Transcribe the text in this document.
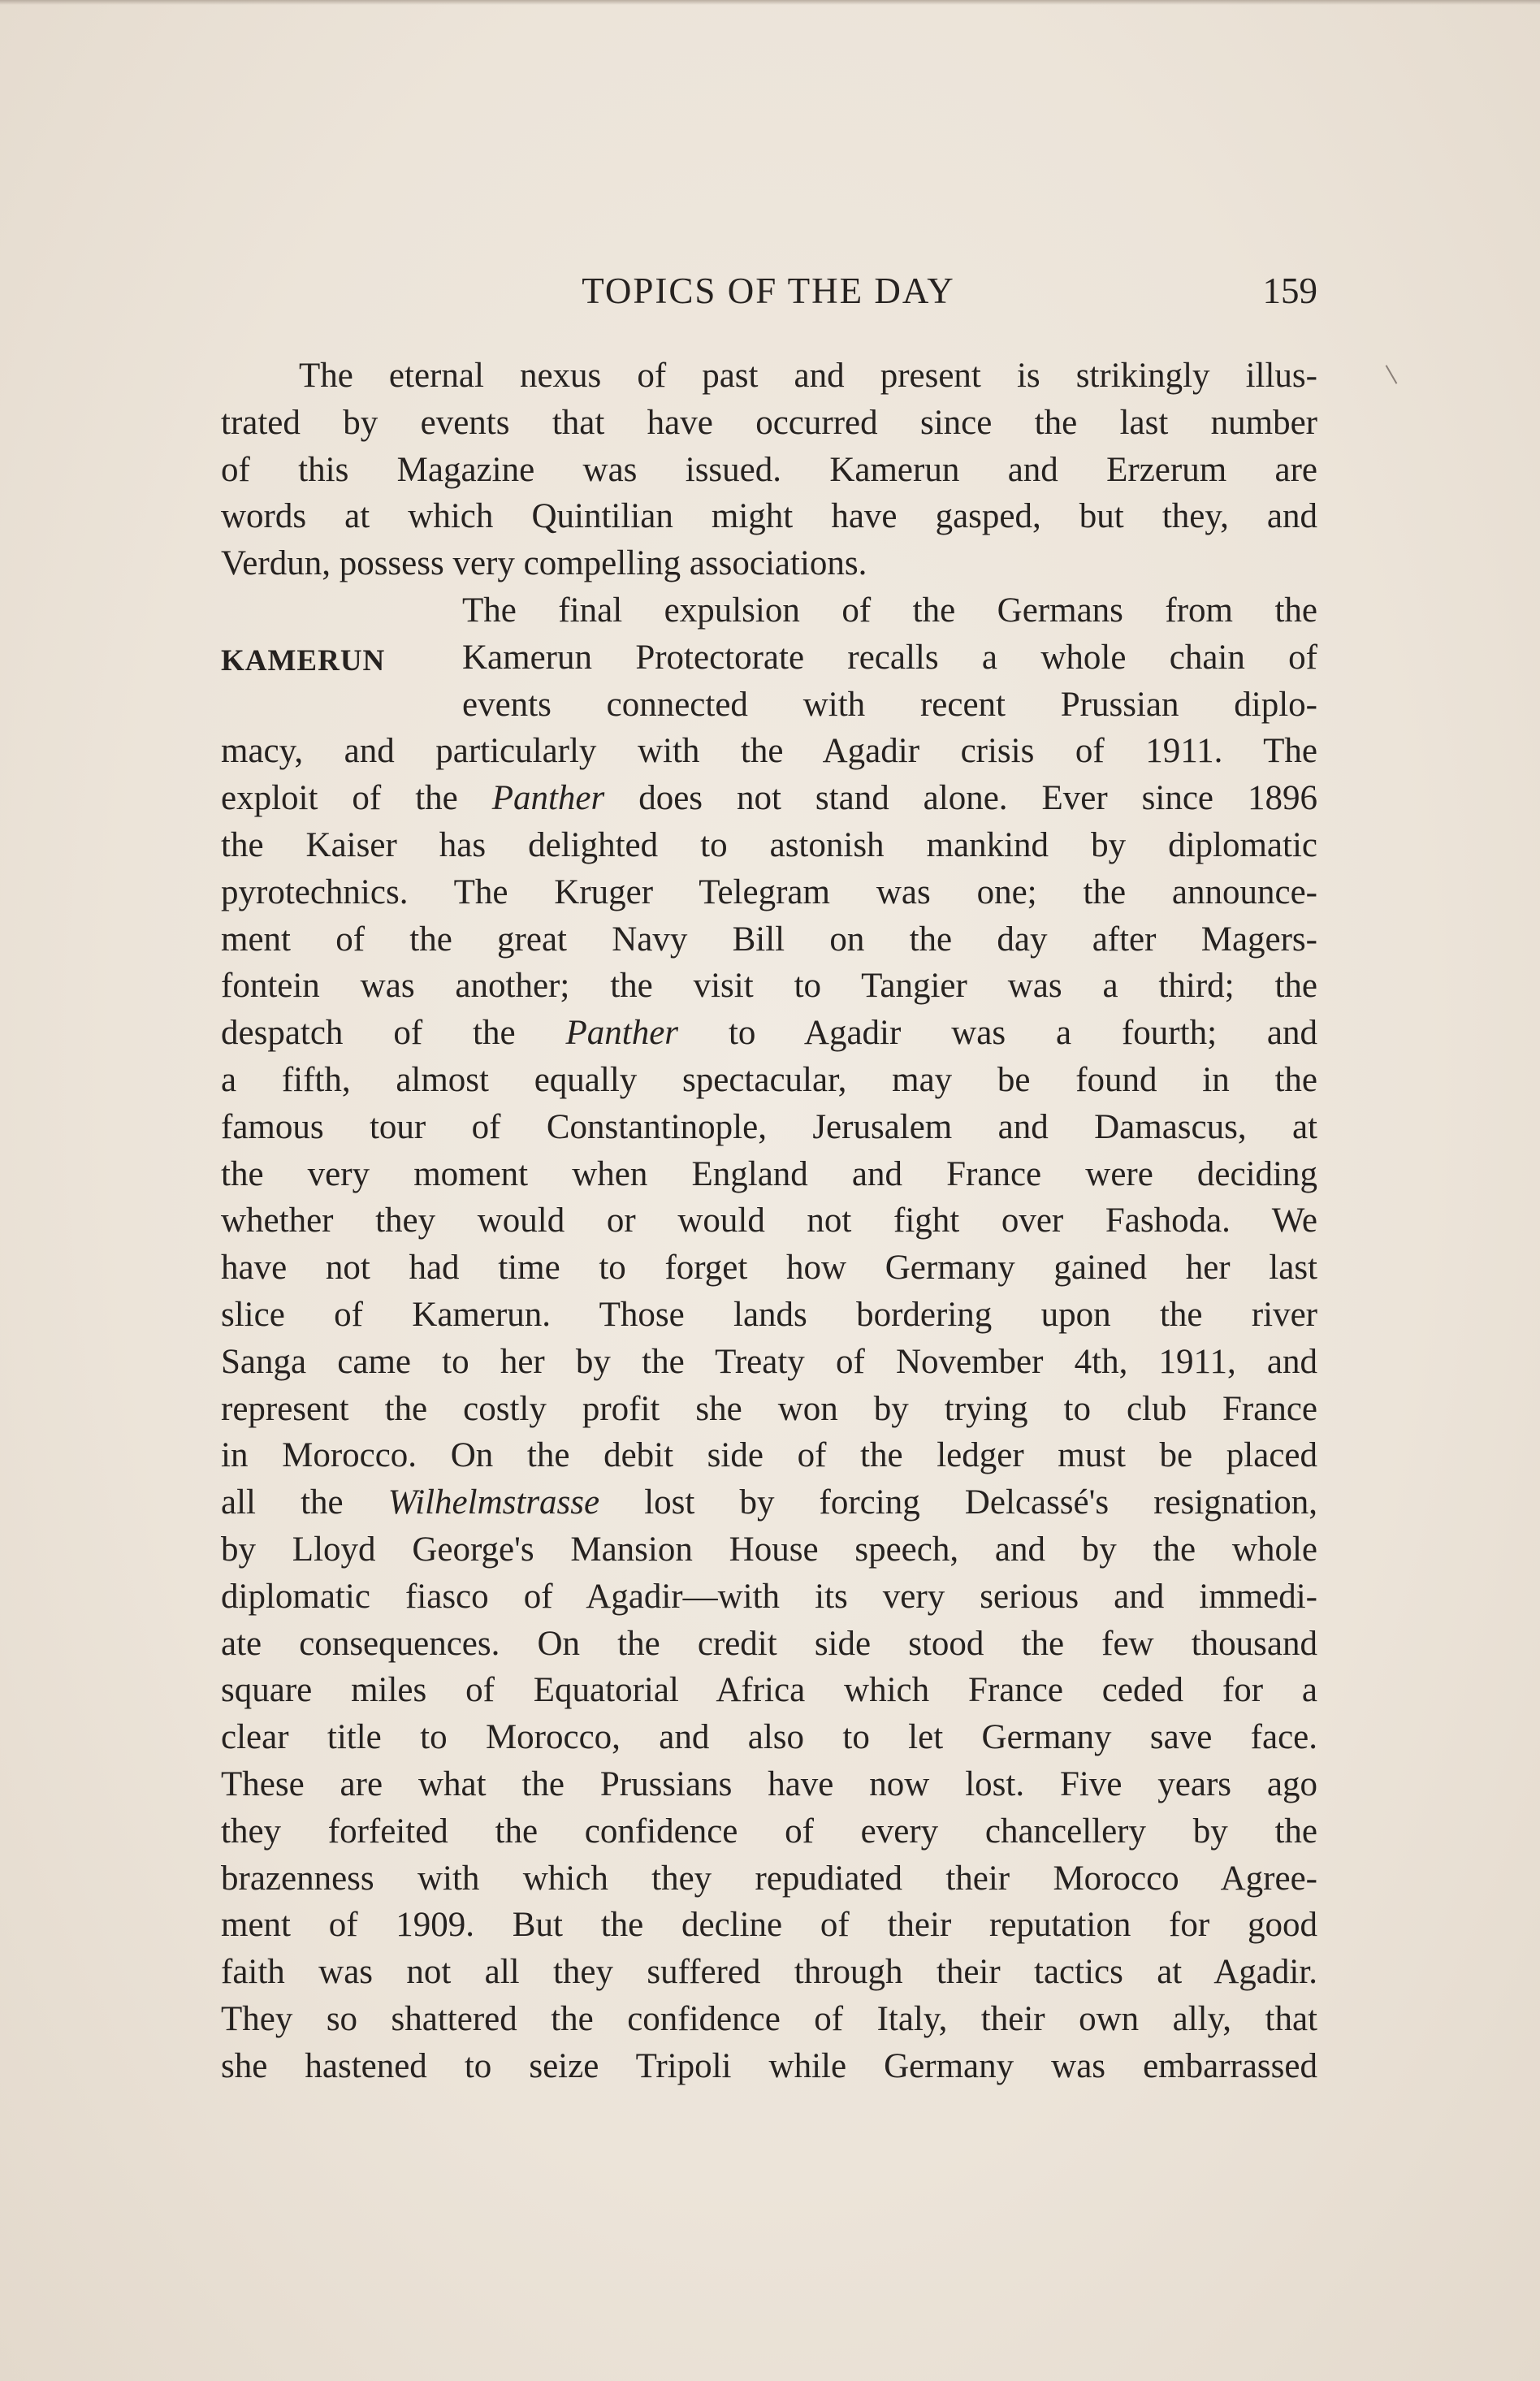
TOPICS OF THE DAY	159
The eternal nexus of past and present is strikingly illus-
trated by events that have occurred since the last number
of this Magazine was issued. Kamerun and Erzerum are
words at which Quintilian might have gasped, but they, and
Verdun, possess very compelling associations.
KAMERUN
The final expulsion of the Germans from the
Kamerun Protectorate recalls a whole chain of
events connected with recent Prussian diplo-
macy, and particularly with the Agadir crisis of 1911. The
exploit of the Panther does not stand alone. Ever since 1896
the Kaiser has delighted to astonish mankind by diplomatic
pyrotechnics. The Kruger Telegram was one; the announce-
ment of the great Navy Bill on the day after Magers-
fontein was another; the visit to Tangier was a third; the
despatch of the Panther to Agadir was a fourth; and
a fifth, almost equally spectacular, may be found in the
famous tour of Constantinople, Jerusalem and Damascus, at
the very moment when England and France were deciding
whether they would or would not fight over Fashoda. We
have not had time to forget how Germany gained her last
slice of Kamerun. Those lands bordering upon the river
Sanga came to her by the Treaty of November 4th, 1911, and
represent the costly profit she won by trying to club France
in Morocco. On the debit side of the ledger must be placed
all the Wilhelmstrasse lost by forcing Delcassé's resignation,
by Lloyd George's Mansion House speech, and by the whole
diplomatic fiasco of Agadir—with its very serious and immedi-
ate consequences. On the credit side stood the few thousand
square miles of Equatorial Africa which France ceded for a
clear title to Morocco, and also to let Germany save face.
These are what the Prussians have now lost. Five years ago
they forfeited the confidence of every chancellery by the
brazenness with which they repudiated their Morocco Agree-
ment of 1909. But the decline of their reputation for good
faith was not all they suffered through their tactics at Agadir.
They so shattered the confidence of Italy, their own ally, that
she hastened to seize Tripoli while Germany was embarrassed
